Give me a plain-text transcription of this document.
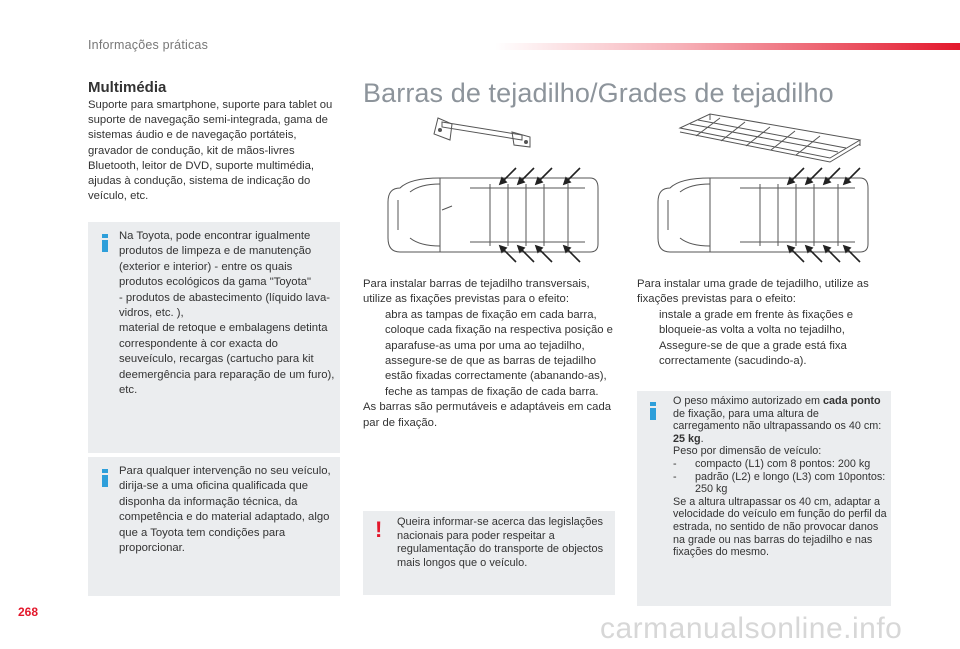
Informações práticas
Multimédia
Suporte para smartphone, suporte para tablet ou suporte de navegação semi-integrada, gama de sistemas áudio e de navegação portáteis, gravador de condução, kit de mãos-livres Bluetooth, leitor de DVD, suporte multimédia, ajudas à condução, sistema de indicação do veículo, etc.
Na Toyota, pode encontrar igualmente produtos de limpeza e de manutenção (exterior e interior) - entre os quais produtos ecológicos da gama "Toyota"
- produtos de abastecimento (líquido lava-vidros, etc. ),
material de retoque e embalagens detinta correspondente à cor exacta do seuveículo, recargas (cartucho para kit deemergência para reparação de um furo), etc.
Para qualquer intervenção no seu veículo, dirija-se a uma oficina qualificada que disponha da informação técnica, da competência e do material adaptado, algo que a Toyota tem condições para proporcionar.
Barras de tejadilho/Grades de tejadilho
Para instalar barras de tejadilho transversais, utilize as fixações previstas para o efeito:
abra as tampas de fixação em cada barra,
coloque cada fixação na respectiva posição e aparafuse-as uma por uma ao tejadilho,
assegure-se de que as barras de tejadilho estão fixadas correctamente (abanando-as),
feche as tampas de fixação de cada barra.
As barras são permutáveis e adaptáveis em cada par de fixação.
Para instalar uma grade de tejadilho, utilize as fixações previstas para o efeito:
instale a grade em frente às fixações e bloqueie-as volta a volta no tejadilho,
Assegure-se de que a grade está fixa correctamente (sacudindo-a).
! Queira informar-se acerca das legislações nacionais para poder respeitar a regulamentação do transporte de objectos mais longos que o veículo.
O peso máximo autorizado em cada ponto de fixação, para uma altura de carregamento não ultrapassando os 40 cm: 25 kg.
Peso por dimensão de veículo:
- compacto (L1) com 8 pontos: 200 kg
- padrão (L2) e longo (L3) com 10pontos: 250 kg
Se a altura ultrapassar os 40 cm, adaptar a velocidade do veículo em função do perfil da estrada, no sentido de não provocar danos na grade ou nas barras do tejadilho e nas fixações do mesmo.
268	carmanualsonline.info
